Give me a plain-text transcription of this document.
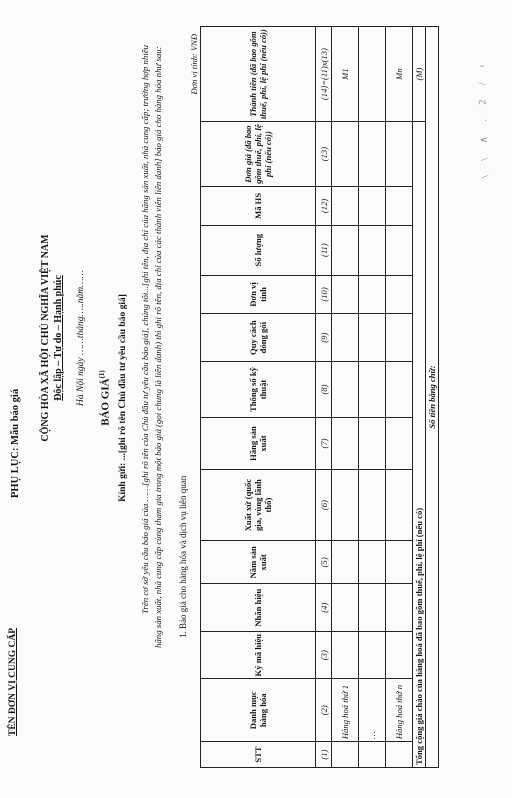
TÊN ĐƠN VỊ CUNG CẤP
PHỤ LỤC: Mẫu báo giá
CỘNG HÒA XÃ HỘI CHỦ NGHĨA VIỆT NAM Độc lập – Tự do – Hạnh phúc Hà Nội ngày ……tháng…..năm…… BÁO GIÁ$^{(1)}$	Kính gửi: ...[ghi rõ tên Chủ đầu tư yêu cầu báo giá] Trên cơ sở yêu cầu báo giá của ……[ghi rõ tên của Chủ đầu tư yêu cầu báo giá], chúng tôi...[ghi tên, địa chỉ của hãng sản xuất, nhà cung cấp; trường hợp nhiều hãng sản xuất, nhà cung cấp cùng tham gia trong một báo giá (gọi chung là liên danh) thì ghi rõ tên, địa chỉ của các thành viên liên danh] báo giá cho hàng hóa như sau: 1. Báo giá cho hàng hóa và dịch vụ liên quan
Đơn vị tính: VNĐ
STT	Danh mục hàng hóa	Ký mã hiệu	Nhãn hiệu	Năm sản xuất	Xuất xứ (quốc gia, vùng lãnh thổ)	Hãng sản xuất	Thông số kỹ thuật	Quy cách đóng gói	Đơn vị tính	Số lượng	Mã HS	Đơn giá (đã bao gồm thuế, phí, lệ phí (nếu có))	Thành tiền (đã bao gồm thuế, phí, lệ phí (nếu có))
(1)	(2)	(3)	(4)	(5)	(6)	(7)	(8)	(9)	(10)	(11)	(12)	(13)	(14)=(11)x(13)
	Hàng hoá thứ 1												M1
	…												
	Hàng hoá thứ n												Mn
Tổng cộng giá chào của hàng hoá đã bao gồm thuế, phí, lệ phí (nếu có)													(M)
Số tiền bằng chữ:													
\ \ ∧ . 2 / ‹
